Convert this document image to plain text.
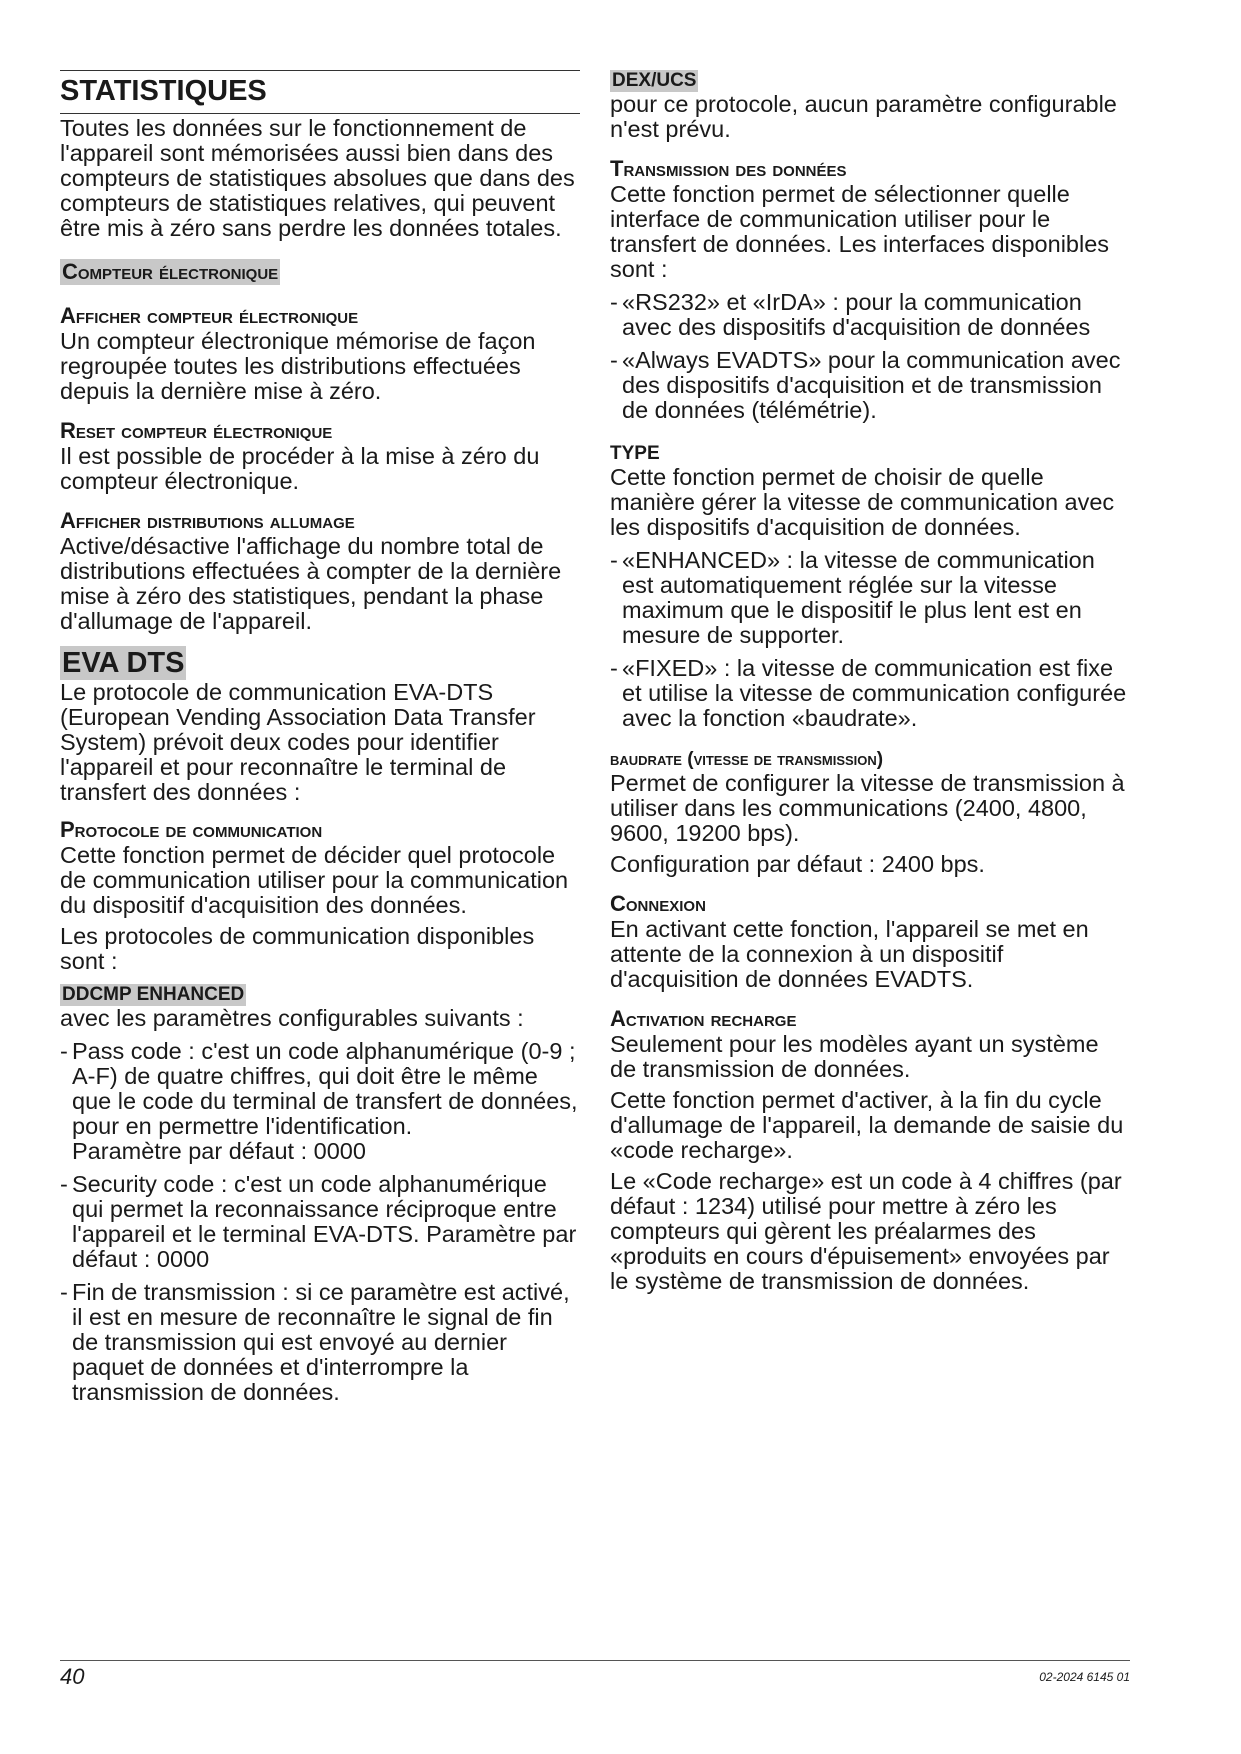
STATISTIQUES

Toutes les données sur le fonctionnement de l'appareil sont mémorisées aussi bien dans des compteurs de statistiques absolues que dans des compteurs de statistiques relatives, qui peuvent être mis à zéro sans perdre les données totales.

Compteur électronique
Afficher compteur électronique

Un compteur électronique mémorise de façon regroupée toutes les distributions effectuées depuis la dernière mise à zéro.

Reset compteur électronique

Il est possible de procéder à la mise à zéro du compteur électronique.

Afficher distributions allumage

Active/désactive l'affichage du nombre total de distributions effectuées à compter de la dernière mise à zéro des statistiques, pendant la phase d'allumage de l'appareil.

EVA DTS

Le protocole de communication EVA-DTS (European Vending Association Data Transfer System) prévoit deux codes pour identifier l'appareil et pour reconnaître le terminal de transfert des données :

Protocole de communication

Cette fonction permet de décider quel protocole de communication utiliser pour la communication du dispositif d'acquisition des données.

Les protocoles de communication disponibles sont :

DDCMP ENHANCED

avec les paramètres configurables suivants :

- Pass code : c'est un code alphanumérique (0-9 ; A-F) de quatre chiffres, qui doit être le même que le code du terminal de transfert de données, pour en permettre l'identification.
Paramètre par défaut : 0000
- Security code : c'est un code alphanumérique qui permet la reconnaissance réciproque entre l'appareil et le terminal EVA-DTS. Paramètre par défaut : 0000
- Fin de transmission : si ce paramètre est activé, il est en mesure de reconnaître le signal de fin de transmission qui est envoyé au dernier paquet de données et d'interrompre la transmission de données.
DEX/UCS

pour ce protocole, aucun paramètre configurable n'est prévu.

Transmission des données

Cette fonction permet de sélectionner quelle interface de communication utiliser pour le transfert de données. Les interfaces disponibles sont :

- «RS232» et «IrDA» : pour la communication avec des dispositifs d'acquisition de données
- «Always EVADTS» pour la communication avec des dispositifs d'acquisition et de transmission de données (télémétrie).
TYPE

Cette fonction permet de choisir de quelle manière gérer la vitesse de communication avec les dispositifs d'acquisition de données.

- «ENHANCED» : la vitesse de communication est automatiquement réglée sur la vitesse maximum que le dispositif le plus lent est en mesure de supporter.
- «FIXED» : la vitesse de communication est fixe et utilise la vitesse de communication configurée avec la fonction «baudrate».
baudrate (vitesse de transmission)

Permet de configurer la vitesse de transmission à utiliser dans les communications (2400, 4800, 9600, 19200 bps).

Configuration par défaut : 2400 bps.

Connexion

En activant cette fonction, l'appareil se met en attente de la connexion à un dispositif d'acquisition de données EVADTS.

Activation recharge

Seulement pour les modèles ayant un système de transmission de données.

Cette fonction permet d'activer, à la fin du cycle d'allumage de l'appareil, la demande de saisie du «code recharge».

Le «Code recharge» est un code à 4 chiffres (par défaut : 1234) utilisé pour mettre à zéro les compteurs qui gèrent les préalarmes des «produits en cours d'épuisement» envoyées par le système de transmission de données.

40	02-2024 6145 01
